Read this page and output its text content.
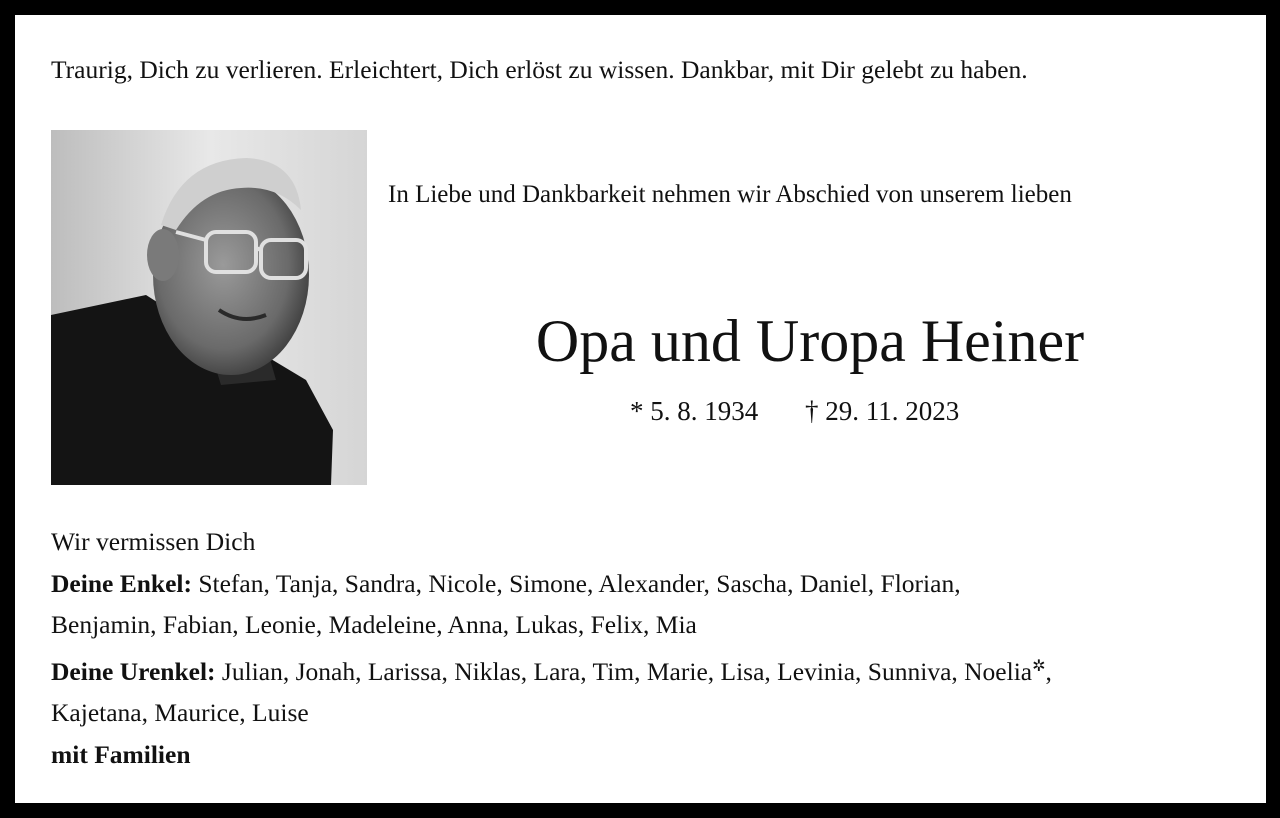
Traurig, Dich zu verlieren. Erleichtert, Dich erlöst zu wissen. Dankbar, mit Dir gelebt zu haben.
In Liebe und Dankbarkeit nehmen wir Abschied von unserem lieben
Opa und Uropa Heiner
* 5. 8. 1934 † 29. 11. 2023
Wir vermissen Dich
Deine Enkel: Stefan, Tanja, Sandra, Nicole, Simone, Alexander, Sascha, Daniel, Florian,
Benjamin, Fabian, Leonie, Madeleine, Anna, Lukas, Felix, Mia
Deine Urenkel: Julian, Jonah, Larissa, Niklas, Lara, Tim, Marie, Lisa, Levinia, Sunniva, Noelia✲,
Kajetana, Maurice, Luise
mit Familien
